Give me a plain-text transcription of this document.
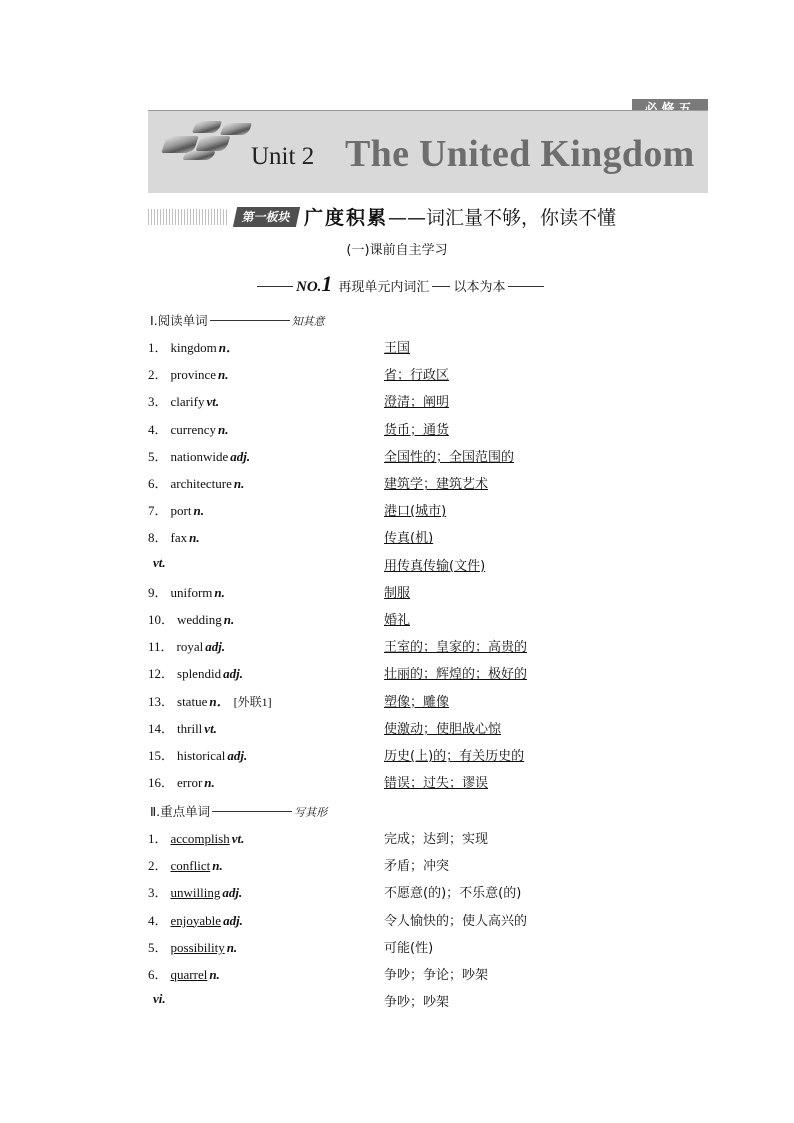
Unit 2 The United Kingdom
第一板块 广度积累——词汇量不够，你读不懂
(一)课前自主学习
NO.1 再现单元内词汇 以本为本
Ⅰ.阅读单词	知其意
1． kingdom n．	王国
2． province n.	省；行政区
3． clarify vt.	澄清；阐明
4． currency n.	货币；通货
5． nationwide adj.	全国性的；全国范围的
6． architecture n.	建筑学；建筑艺术
7． port n.	港口(城市)
8． fax n.	传真(机)
vt.	用传真传输(文件)
9． uniform n.	制服
10． wedding n.	婚礼
11． royal adj.	王室的；皇家的；高贵的
12． splendid adj.	壮丽的；辉煌的；极好的
13． statue n． [外联1]	塑像；雕像
14． thrill vt.	使激动；使胆战心惊
15． historical adj.	历史(上)的；有关历史的
16． error n.	错误；过失；谬误
Ⅱ.重点单词	写其形
1． accomplish vt.	完成；达到；实现
2． conflict n.	矛盾；冲突
3． unwilling adj.	不愿意(的)；不乐意(的)
4． enjoyable adj.	令人愉快的；使人高兴的
5． possibility n.	可能(性)
6． quarrel n.	争吵；争论；吵架
vi.	争吵；吵架
